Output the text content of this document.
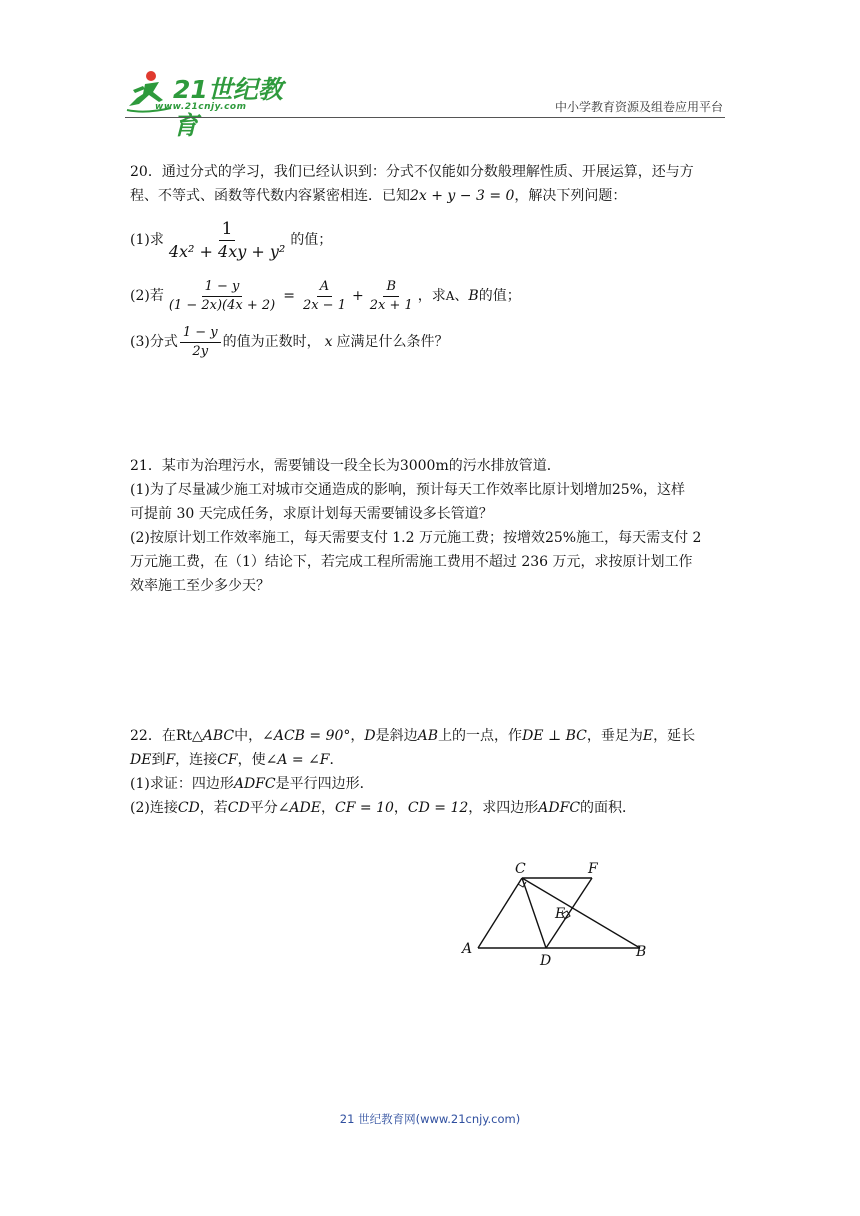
21世纪教育
www.21cnjy.com	中小学教育资源及组卷应用平台
20．通过分式的学习，我们已经认识到：分式不仅能如分数般理解性质、开展运算，还与方
程、不等式、函数等代数内容紧密相连．已知2x + y − 3 = 0，解决下列问题：
(1)求 $\frac{1}{\text{4x² + 4xy + y²}}$ 的值；
(2)若 $\frac{1 - y}{(1 - 2x)(4x + 2)} = \frac{A}{2x - 1} + \frac{B}{2x + 1}$ ，求 A 、 B 的值；
(3)分式 $\frac{1 - y}{2y}$ 的值为正数时， x 应满足什么条件？
21．某市为治理污水，需要铺设一段全长为3000m的污水排放管道．
(1)为了尽量减少施工对城市交通造成的影响，预计每天工作效率比原计划增加25%，这样
可提前 30 天完成任务，求原计划每天需要铺设多长管道？
(2)按原计划工作效率施工，每天需要支付 1.2 万元施工费；按增效25%施工，每天需支付 2
万元施工费，在（1）结论下，若完成工程所需施工费用不超过 236 万元，求按原计划工作
效率施工至少多少天？
22．在Rt△ABC中，∠ACB = 90°，D是斜边AB上的一点，作DE ⊥ BC，垂足为E，延长
DE到F，连接CF，使∠A = ∠F．
(1)求证：四边形ADFC是平行四边形．
(2)连接CD，若CD平分∠ADE，CF = 10，CD = 12，求四边形ADFC的面积．
C	F
E
A
D
B
21 世纪教育网(www.21cnjy.com)
